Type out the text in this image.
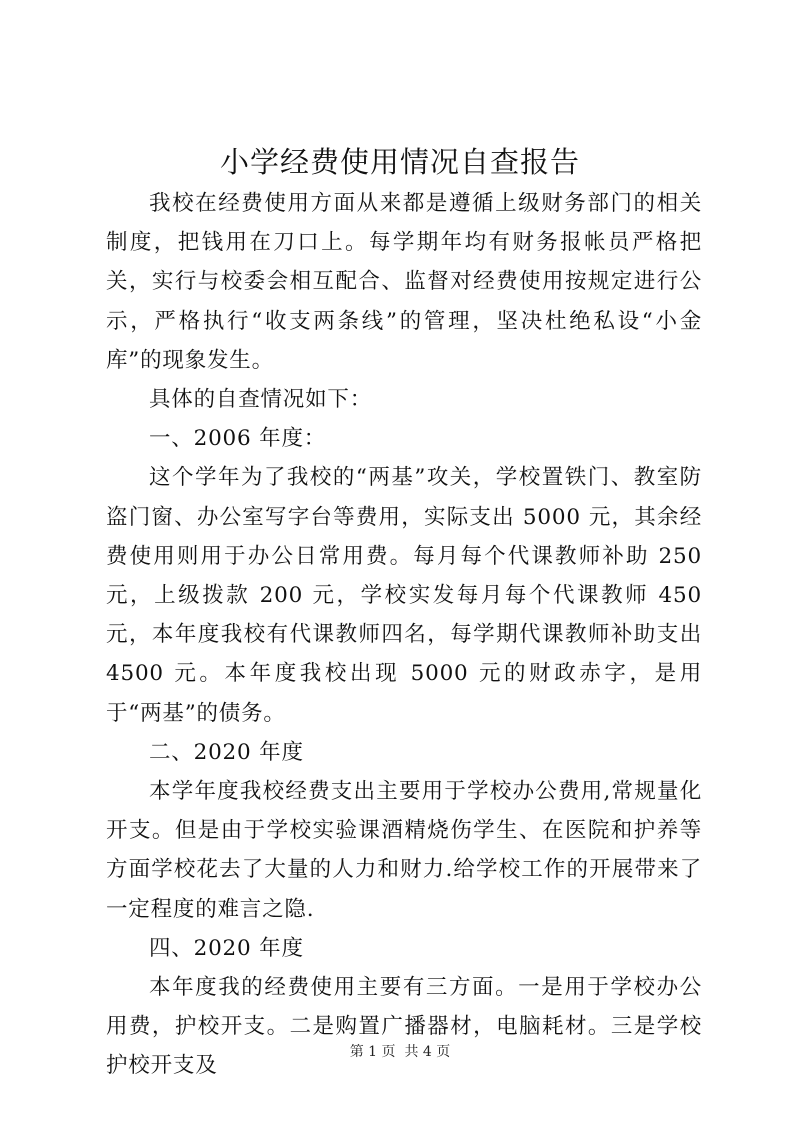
小学经费使用情况自查报告

我校在经费使用方面从来都是遵循上级财务部门的相关制度，把钱用在刀口上。每学期年均有财务报帐员严格把关，实行与校委会相互配合、监督对经费使用按规定进行公示，严格执行“收支两条线”的管理，坚决杜绝私设“小金库”的现象发生。

具体的自查情况如下：

一、2006 年度：

这个学年为了我校的“两基”攻关，学校置铁门、教室防盗门窗、办公室写字台等费用，实际支出 5000 元，其余经费使用则用于办公日常用费。每月每个代课教师补助 250 元，上级拨款 200 元，学校实发每月每个代课教师 450 元，本年度我校有代课教师四名，每学期代课教师补助支出 4500 元。本年度我校出现 5000 元的财政赤字，是用于“两基”的债务。

二、2020 年度

本学年度我校经费支出主要用于学校办公费用,常规量化开支。但是由于学校实验课酒精烧伤学生、在医院和护养等方面学校花去了大量的人力和财力.给学校工作的开展带来了一定程度的难言之隐.

四、2020 年度

本年度我的经费使用主要有三方面。一是用于学校办公用费，护校开支。二是购置广播器材，电脑耗材。三是学校护校开支及

第 1 页  共 4 页
